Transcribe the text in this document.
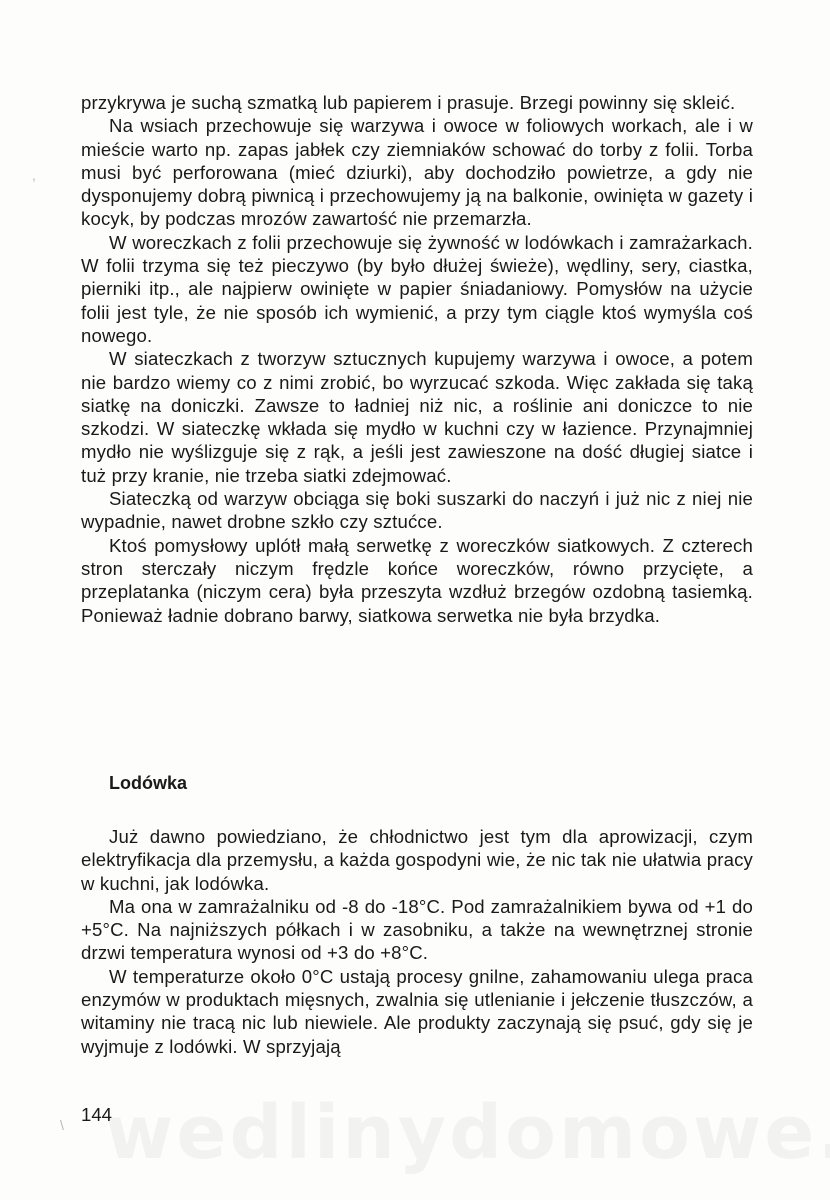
,
\

przykrywa je suchą szmatką lub papierem i prasuje. Brzegi powinny się skleić.

Na wsiach przechowuje się warzywa i owoce w foliowych workach, ale i w mieście warto np. zapas jabłek czy ziemniaków schować do torby z folii. Torba musi być perforowana (mieć dziurki), aby dochodziło powietrze, a gdy nie dysponujemy dobrą piwnicą i przechowujemy ją na balkonie, owinięta w gazety i kocyk, by podczas mrozów zawartość nie przemarzła.

W woreczkach z folii przechowuje się żywność w lodówkach i zamrażarkach. W folii trzyma się też pieczywo (by było dłużej świeże), wędliny, sery, ciastka, pierniki itp., ale najpierw owinięte w papier śniadaniowy. Pomysłów na użycie folii jest tyle, że nie sposób ich wymienić, a przy tym ciągle ktoś wymyśla coś nowego.

W siateczkach z tworzyw sztucznych kupujemy warzywa i owoce, a potem nie bardzo wiemy co z nimi zrobić, bo wyrzucać szkoda. Więc zakłada się taką siatkę na doniczki. Zawsze to ładniej niż nic, a roślinie ani doniczce to nie szkodzi. W siateczkę wkłada się mydło w kuchni czy w łazience. Przynajmniej mydło nie wyślizguje się z rąk, a jeśli jest zawieszone na dość długiej siatce i tuż przy kranie, nie trzeba siatki zdejmować.

Siateczką od warzyw obciąga się boki suszarki do naczyń i już nic z niej nie wypadnie, nawet drobne szkło czy sztućce.

Ktoś pomysłowy uplótł małą serwetkę z woreczków siatkowych. Z czterech stron sterczały niczym frędzle końce woreczków, równo przycięte, a przeplatanka (niczym cera) była przeszyta wzdłuż brzegów ozdobną tasiemką. Ponieważ ładnie dobrano barwy, siatkowa serwetka nie była brzydka.

Lodówka

Już dawno powiedziano, że chłodnictwo jest tym dla aprowizacji, czym elektryfikacja dla przemysłu, a każda gospodyni wie, że nic tak nie ułatwia pracy w kuchni, jak lodówka.

Ma ona w zamrażalniku od -8 do -18°C. Pod zamrażalnikiem bywa od +1 do +5°C. Na najniższych półkach i w zasobniku, a także na wewnętrznej stronie drzwi temperatura wynosi od +3 do +8°C.

W temperaturze około 0°C ustają procesy gnilne, zahamowaniu ulega praca enzymów w produktach mięsnych, zwalnia się utlenianie i jełczenie tłuszczów, a witaminy nie tracą nic lub niewiele. Ale produkty zaczynają się psuć, gdy się je wyjmuje z lodówki. W sprzyjają

144
